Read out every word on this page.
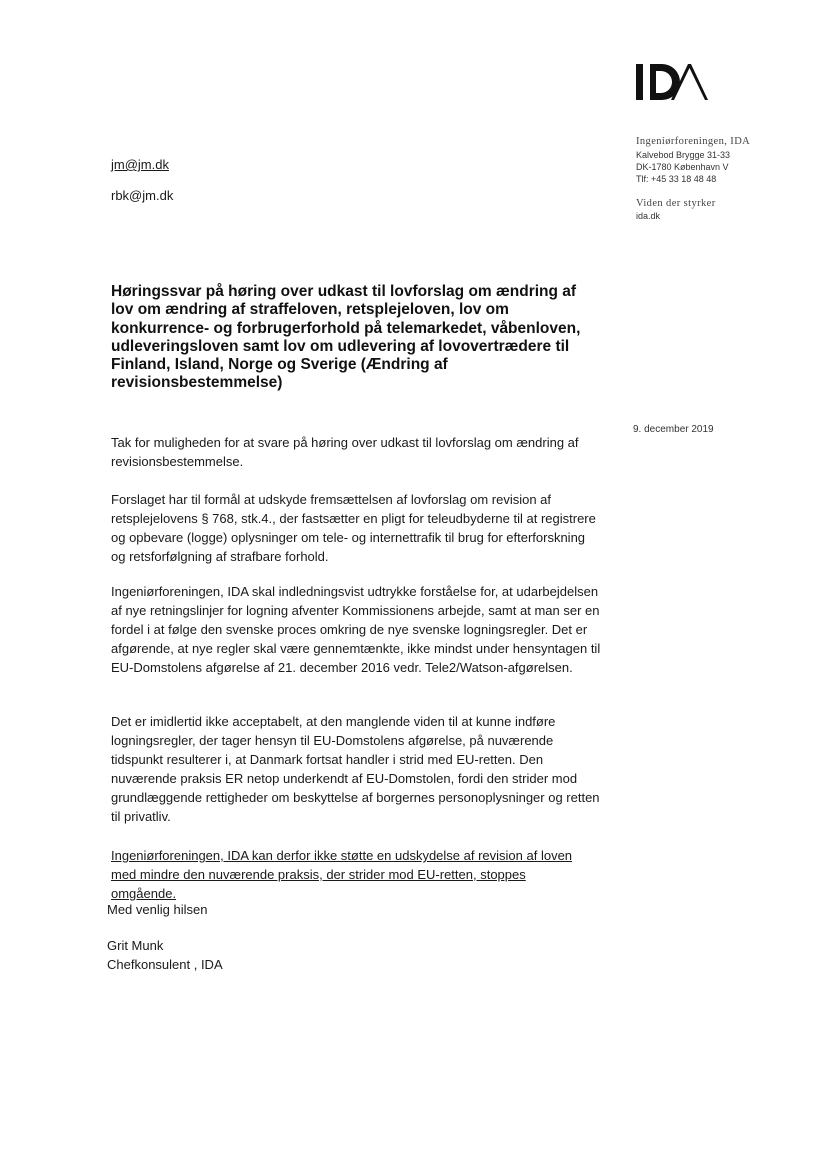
Ingeniørforeningen, IDA
Kalvebod Brygge 31-33
DK-1780 København V
Tlf: +45 33 18 48 48
Viden der styrker
ida.dk
jm@jm.dk
rbk@jm.dk
9. december 2019
Høringssvar på høring over udkast til lovforslag om ændring af lov om ændring af straffeloven, retsplejeloven, lov om konkurrence- og forbrugerforhold på telemarkedet, våbenloven, udleveringsloven samt lov om udlevering af lovovertrædere til Finland, Island, Norge og Sverige (Ændring af revisionsbestemmelse)

Tak for muligheden for at svare på høring over udkast til lovforslag om ændring af revisionsbestemmelse.

Forslaget har til formål at udskyde fremsættelsen af lovforslag om revision af retsplejelovens § 768, stk.4., der fastsætter en pligt for teleudbyderne til at registrere og opbevare (logge) oplysninger om tele- og internettrafik til brug for efterforskning og retsforfølgning af strafbare forhold.

Ingeniørforeningen, IDA skal indledningsvist udtrykke forståelse for, at udarbejdelsen af nye retningslinjer for logning afventer Kommissionens arbejde, samt at man ser en fordel i at følge den svenske proces omkring de nye svenske logningsregler. Det er afgørende, at nye regler skal være gennemtænkte, ikke mindst under hensyntagen til EU-Domstolens afgørelse af 21. december 2016 vedr. Tele2/Watson-afgørelsen.

Det er imidlertid ikke acceptabelt, at den manglende viden til at kunne indføre logningsregler, der tager hensyn til EU-Domstolens afgørelse, på nuværende tidspunkt resulterer i, at Danmark fortsat handler i strid med EU-retten. Den nuværende praksis ER netop underkendt af EU-Domstolen, fordi den strider mod grundlæggende rettigheder om beskyttelse af borgernes personoplysninger og retten til privatliv.

Ingeniørforeningen, IDA kan derfor ikke støtte en udskydelse af revision af loven med mindre den nuværende praksis, der strider mod EU-retten, stoppes omgående.

Med venlig hilsen
Grit Munk
Chefkonsulent , IDA
